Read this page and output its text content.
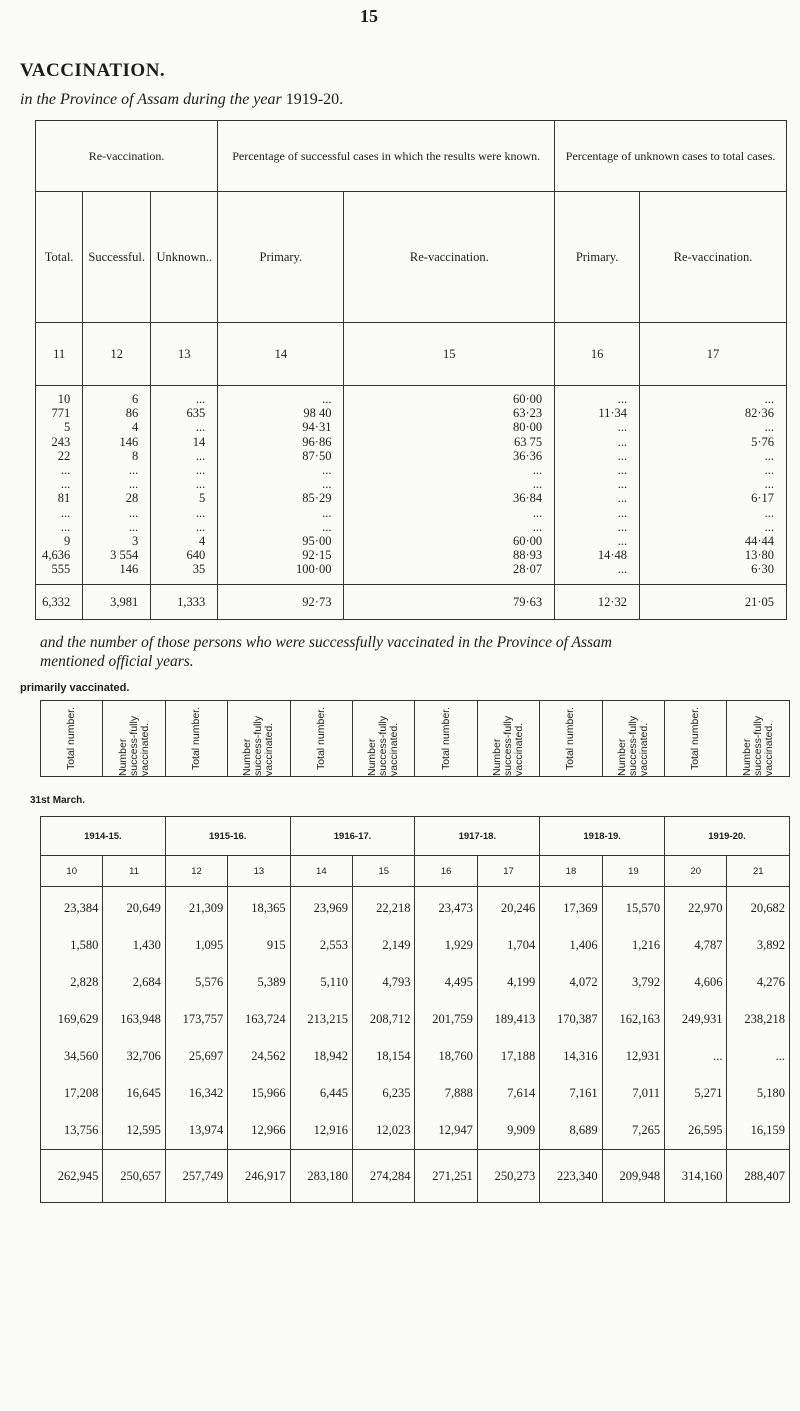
15
VACCINATION.
in the Province of Assam during the year 1919-20.
Re-vaccination.			Percentage of successful cases in which the results were known.		Percentage of unknown cases to total cases.	
Total.	Successful.	Unknown..	Primary.	Re-vaccination.	Primary.	Re-vaccination.
11	12	13	14	15	16	17
10	6	...	...	60·00	...	...
771	86	635	98 40	63·23	11·34	82·36
5	4	...	94·31	80·00	...	...
243	146	14	96·86	63 75	...	5·76
22	8	...	87·50	36·36	...	...
...	...	...	...	...	...	...
...	...	...	...	...	...	...
81	28	5	85·29	36·84	...	6·17
...	...	...	...	...	...	...
...	...	...	...	...	...	...
9	3	4	95·00	60·00	...	44·44
4,636	3 554	640	92·15	88·93	14·48	13·80
555	146	35	100·00	28·07	...	6·30
6,332	3,981	1,333	92·73	79·63	12·32	21·05
and the number of those persons who were successfully vaccinated in the Province of Assam
mentioned official years.
primarily vaccinated.
Total number.	Number success-fully vaccinated.	Total number.	Number success-fully vaccinated.	Total number.	Number success-fully vaccinated.	Total number.	Number success-fully vaccinated.	Total number.	Number success-fully vaccinated.	Total number.	Number success-fully vaccinated.
31st March.
1914-15.		1915-16.		1916-17.		1917-18.		1918-19.		1919-20.	
10	11	12	13	14	15	16	17	18	19	20	21
23,384	20,649	21,309	18,365	23,969	22,218	23,473	20,246	17,369	15,570	22,970	20,682
1,580	1,430	1,095	915	2,553	2,149	1,929	1,704	1,406	1,216	4,787	3,892
2,828	2,684	5,576	5,389	5,110	4,793	4,495	4,199	4,072	3,792	4,606	4,276
169,629	163,948	173,757	163,724	213,215	208,712	201,759	189,413	170,387	162,163	249,931	238,218
34,560	32,706	25,697	24,562	18,942	18,154	18,760	17,188	14,316	12,931	...	...
17,208	16,645	16,342	15,966	6,445	6,235	7,888	7,614	7,161	7,011	5,271	5,180
13,756	12,595	13,974	12,966	12,916	12,023	12,947	9,909	8,689	7,265	26,595	16,159
262,945	250,657	257,749	246,917	283,180	274,284	271,251	250,273	223,340	209,948	314,160	288,407
